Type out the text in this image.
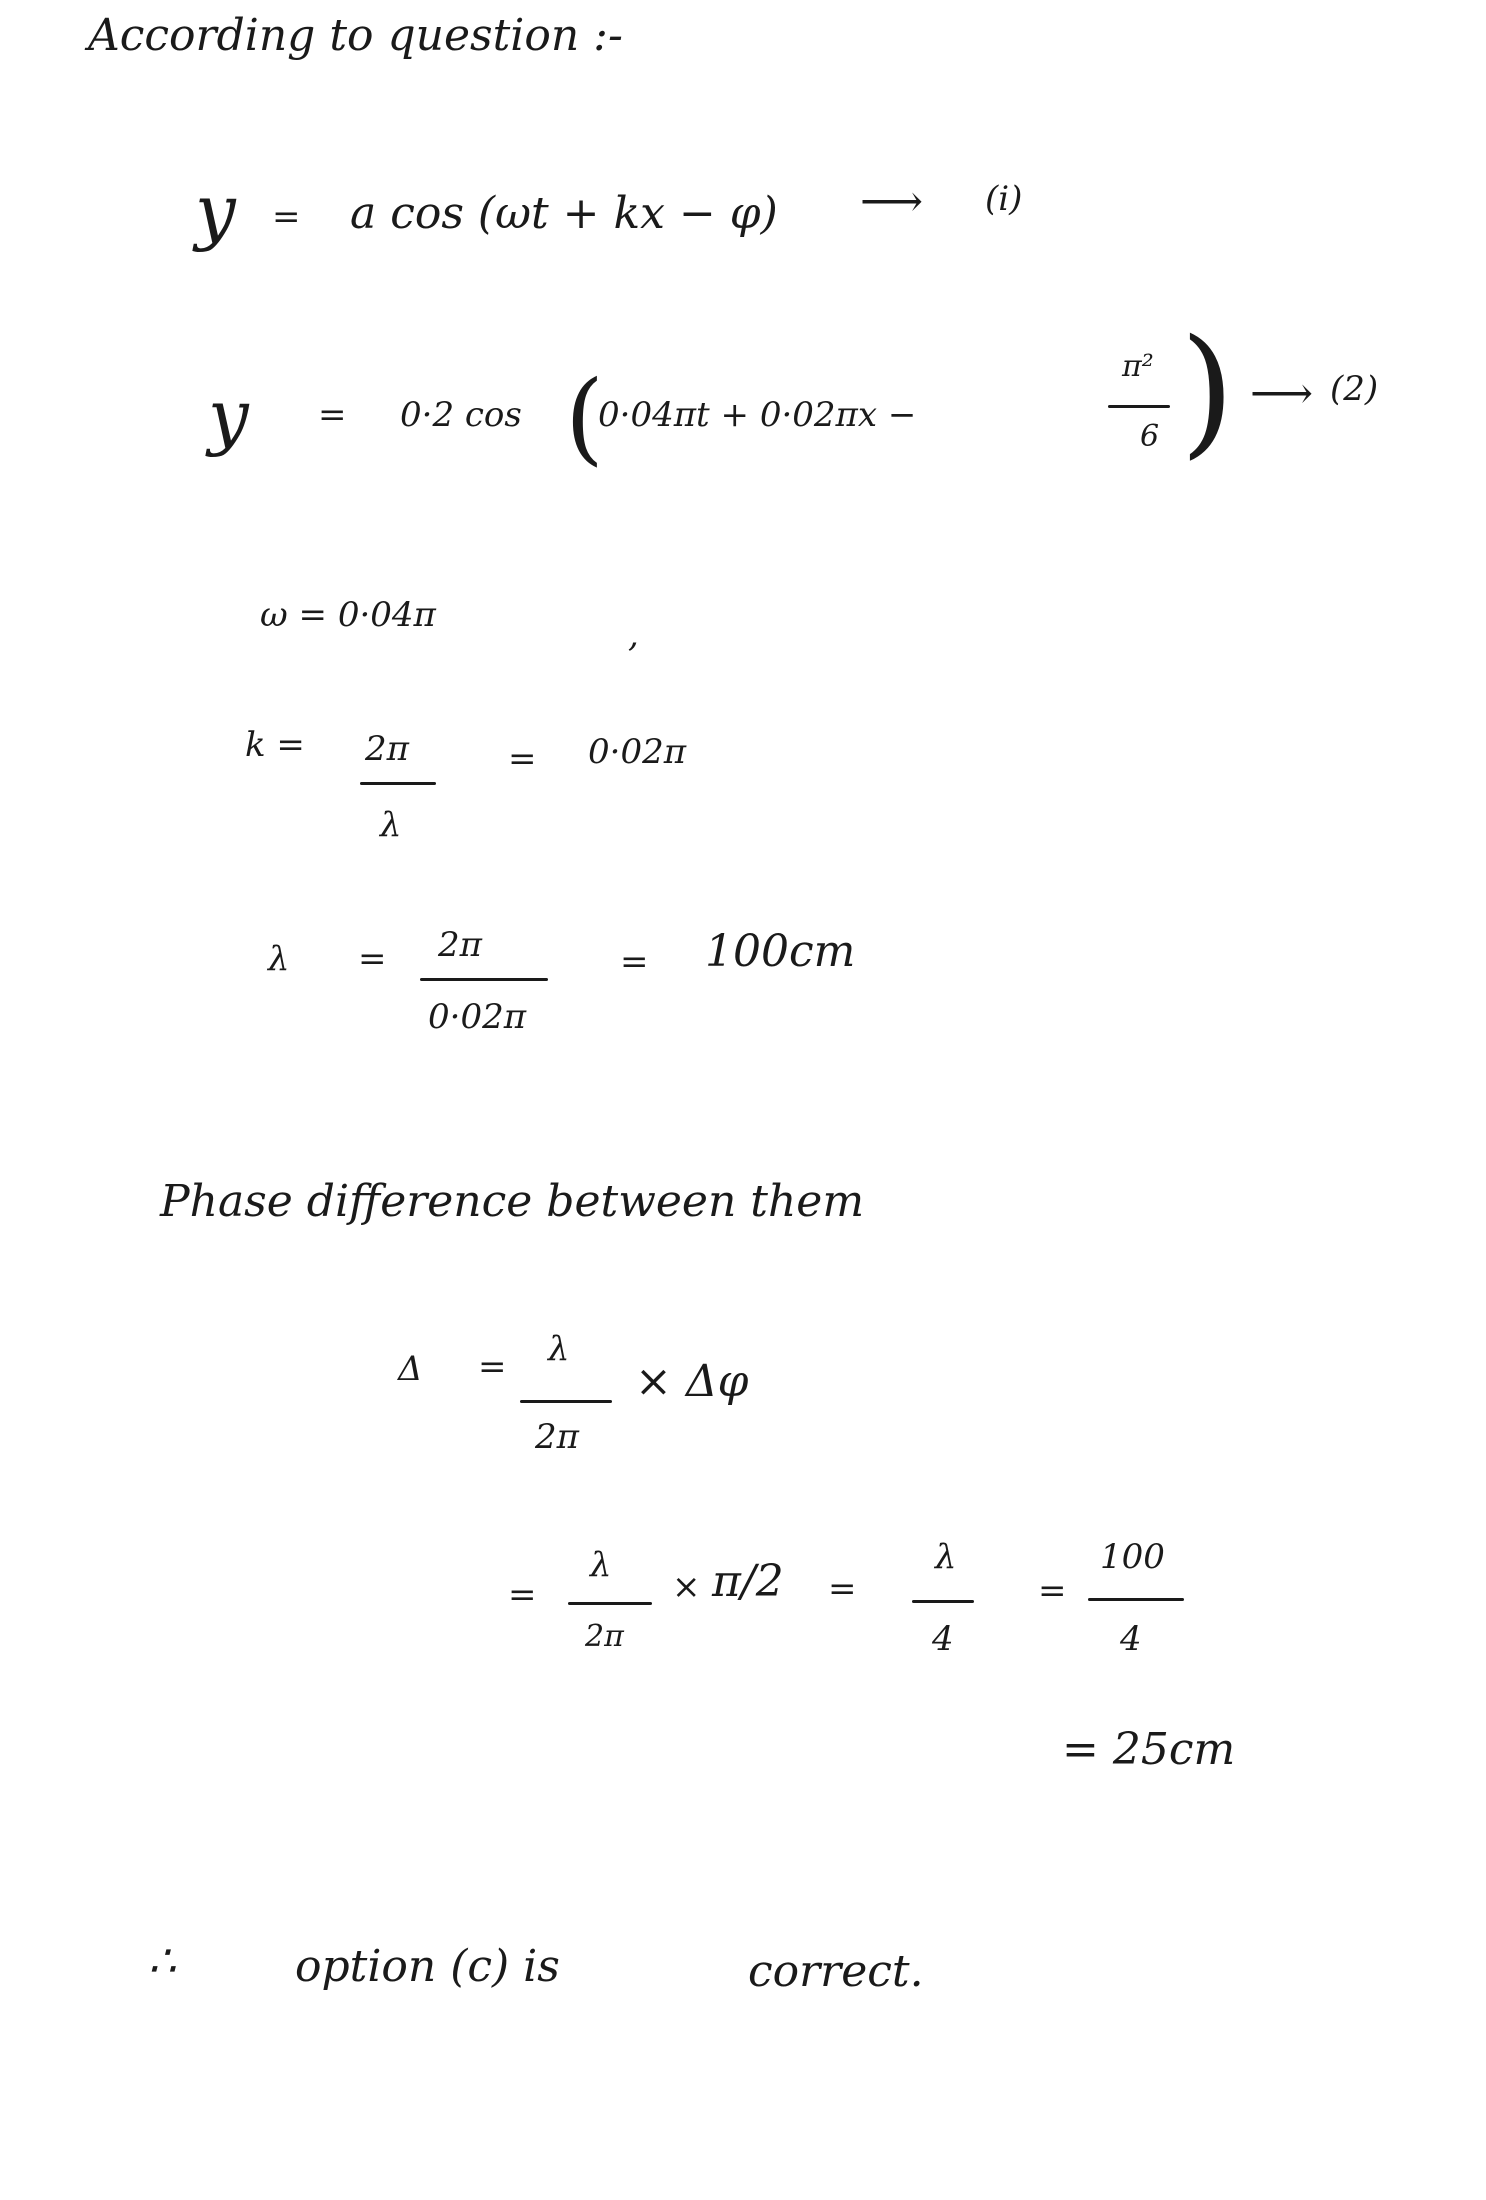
According to question :-
y = a cos (ωt + kx − φ) ⟶ (i)
y = 0·2 cos (
0·04πt + 0·02πx −
π²
6 ) ⟶ (2)
ω = 0·04π	,
k = 2π
λ
= 0·02π
λ = 2π
0·02π
= 100cm
Phase difference between them
Δ = λ
2π
× Δφ
=
λ
2π
× π/2 =
λ
4
=
100
4
= 25cm
∴	option (c) is	correct.
